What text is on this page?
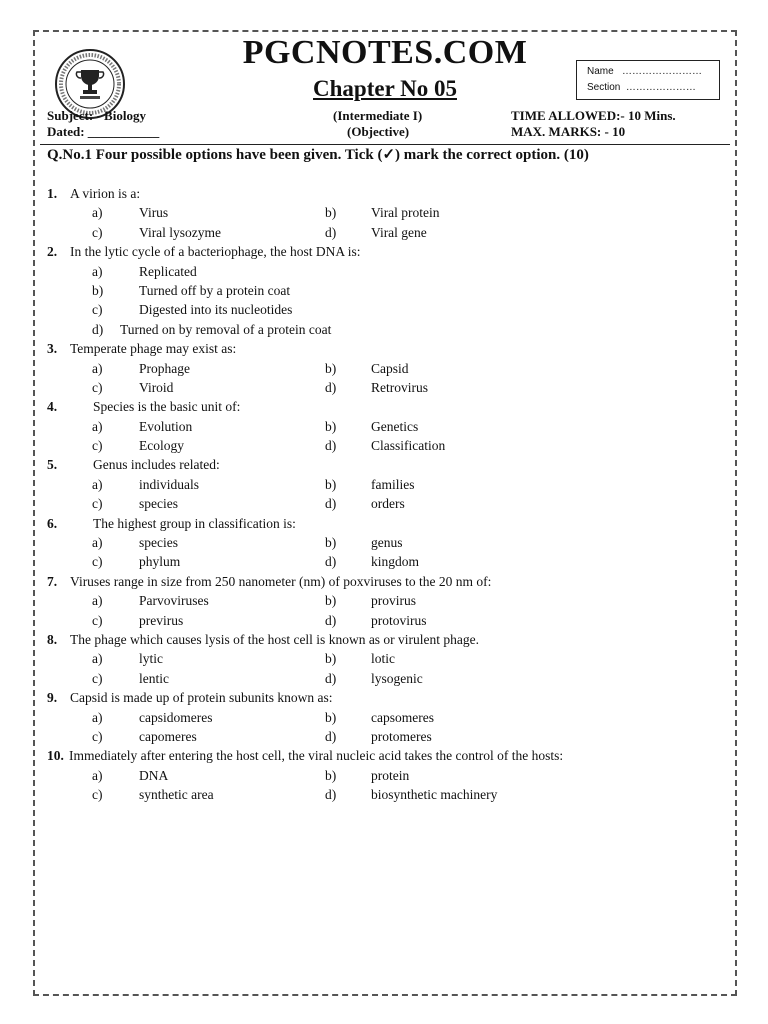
PGCNOTES.COM
Chapter No 05
Name ……………………
Section …………………
Subject: - Biology
Dated: ___________
(Intermediate I)
(Objective)
TIME ALLOWED:- 10 Mins.
MAX. MARKS: - 10
Q.No.1 Four possible options have been given. Tick (✓) mark the correct option. (10)
1. A virion is a:
a)	Virus	b)	Viral protein
c)	Viral lysozyme	d)	Viral gene
2. In the lytic cycle of a bacteriophage, the host DNA is:
a)	Replicated
b)	Turned off by a protein coat
c)	Digested into its nucleotides
d) Turned on by removal of a protein coat
3. Temperate phage may exist as:
a)	Prophage	b)	Capsid
c)	Viroid	d)	Retrovirus
4.	Species is the basic unit of:
a)	Evolution	b)	Genetics
c)	Ecology	d)	Classification
5.	Genus includes related:
a)	individuals	b)	families
c)	species	d)	orders
6.	The highest group in classification is:
a)	species	b)	genus
c)	phylum	d)	kingdom
7. Viruses range in size from 250 nanometer (nm) of poxviruses to the 20 nm of:
a)	Parvoviruses	b)	provirus
c)	previrus	d)	protovirus
8. The phage which causes lysis of the host cell is known as or virulent phage.
a)	lytic	b)	lotic
c)	lentic	d)	lysogenic
9. Capsid is made up of protein subunits known as:
a)	capsidomeres	b)	capsomeres
c)	capomeres	d)	protomeres
10. Immediately after entering the host cell, the viral nucleic acid takes the control of the hosts:
a)	DNA	b)	protein
c)	synthetic area	d)	biosynthetic machinery
